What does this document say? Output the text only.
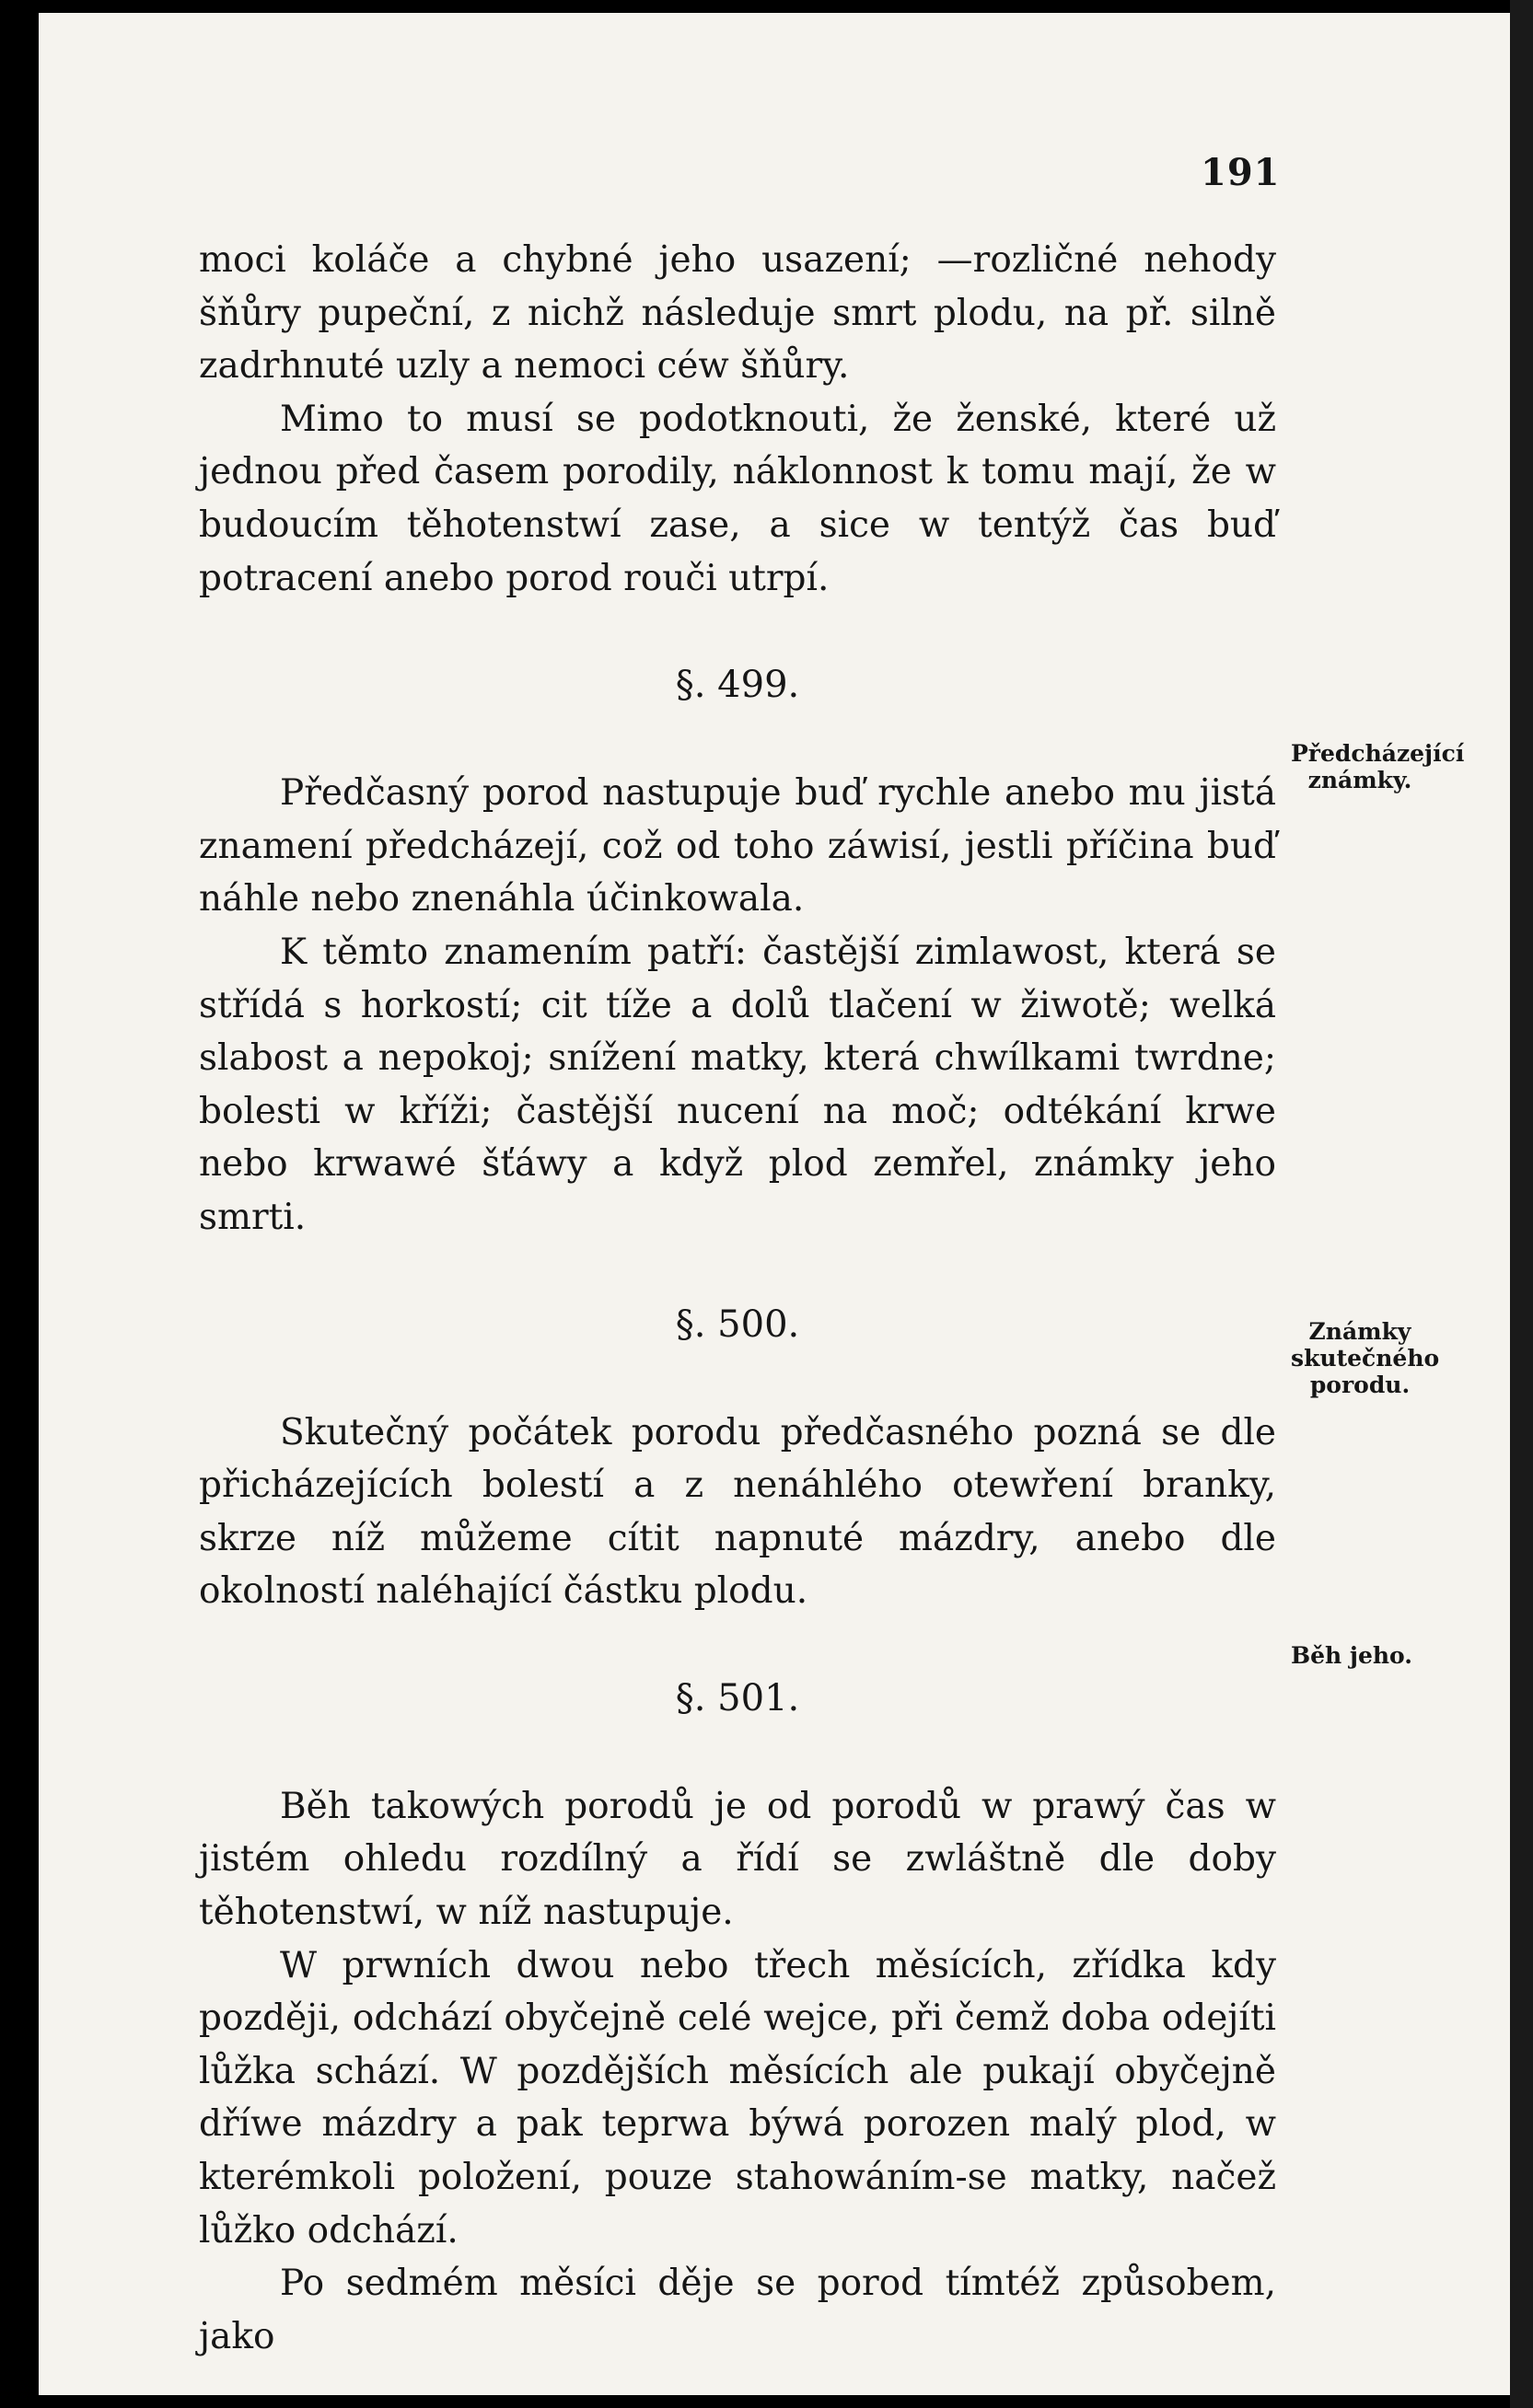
191

moci koláče a chybné jeho usazení; —rozličné nehody šňůry pupeční, z nichž následuje smrt plodu, na př. silně zadrhnuté uzly a nemoci céw šňůry.

Mimo to musí se podotknouti, že ženské, které už jednou před časem porodily, náklonnost k tomu mají, že w budoucím těhotenstwí zase, a sice w tentýž čas buď potracení anebo porod rouči utrpí.

§. 499.

Předčasný porod nastupuje buď rychle anebo mu jistá znamení předcházejí, což od toho záwisí, jestli příčina buď náhle nebo znenáhla účinkowala.

K těmto znamením patří: častější zimlawost, která se střídá s horkostí; cit tíže a dolů tlačení w žiwotě; welká slabost a nepokoj; snížení matky, která chwílkami twrdne; bolesti w kříži; častější nucení na moč; odtékání krwe nebo krwawé šťáwy a když plod zemřel, známky jeho smrti.

§. 500.

Skutečný počátek porodu předčasného pozná se dle přicházejících bolestí a z nenáhlého otewření branky, skrze níž můžeme cítit napnuté mázdry, anebo dle okolností naléhající částku plodu.

§. 501.

Běh takowých porodů je od porodů w prawý čas w jistém ohledu rozdílný a řídí se zwláštně dle doby těhotenstwí, w níž nastupuje.

W prwních dwou nebo třech měsících, zřídka kdy později, odchází obyčejně celé wejce, při čemž doba odejíti lůžka schází. W pozdějších měsících ale pukají obyčejně dříwe mázdry a pak teprwa býwá porozen malý plod, w kterémkoli položení, pouze stahowáním-se matky, načež lůžko odchází.

Po sedmém měsíci děje se porod tímtéž způsobem, jako

Předcházející známky.
Známky skutečného porodu.
Běh jeho.
